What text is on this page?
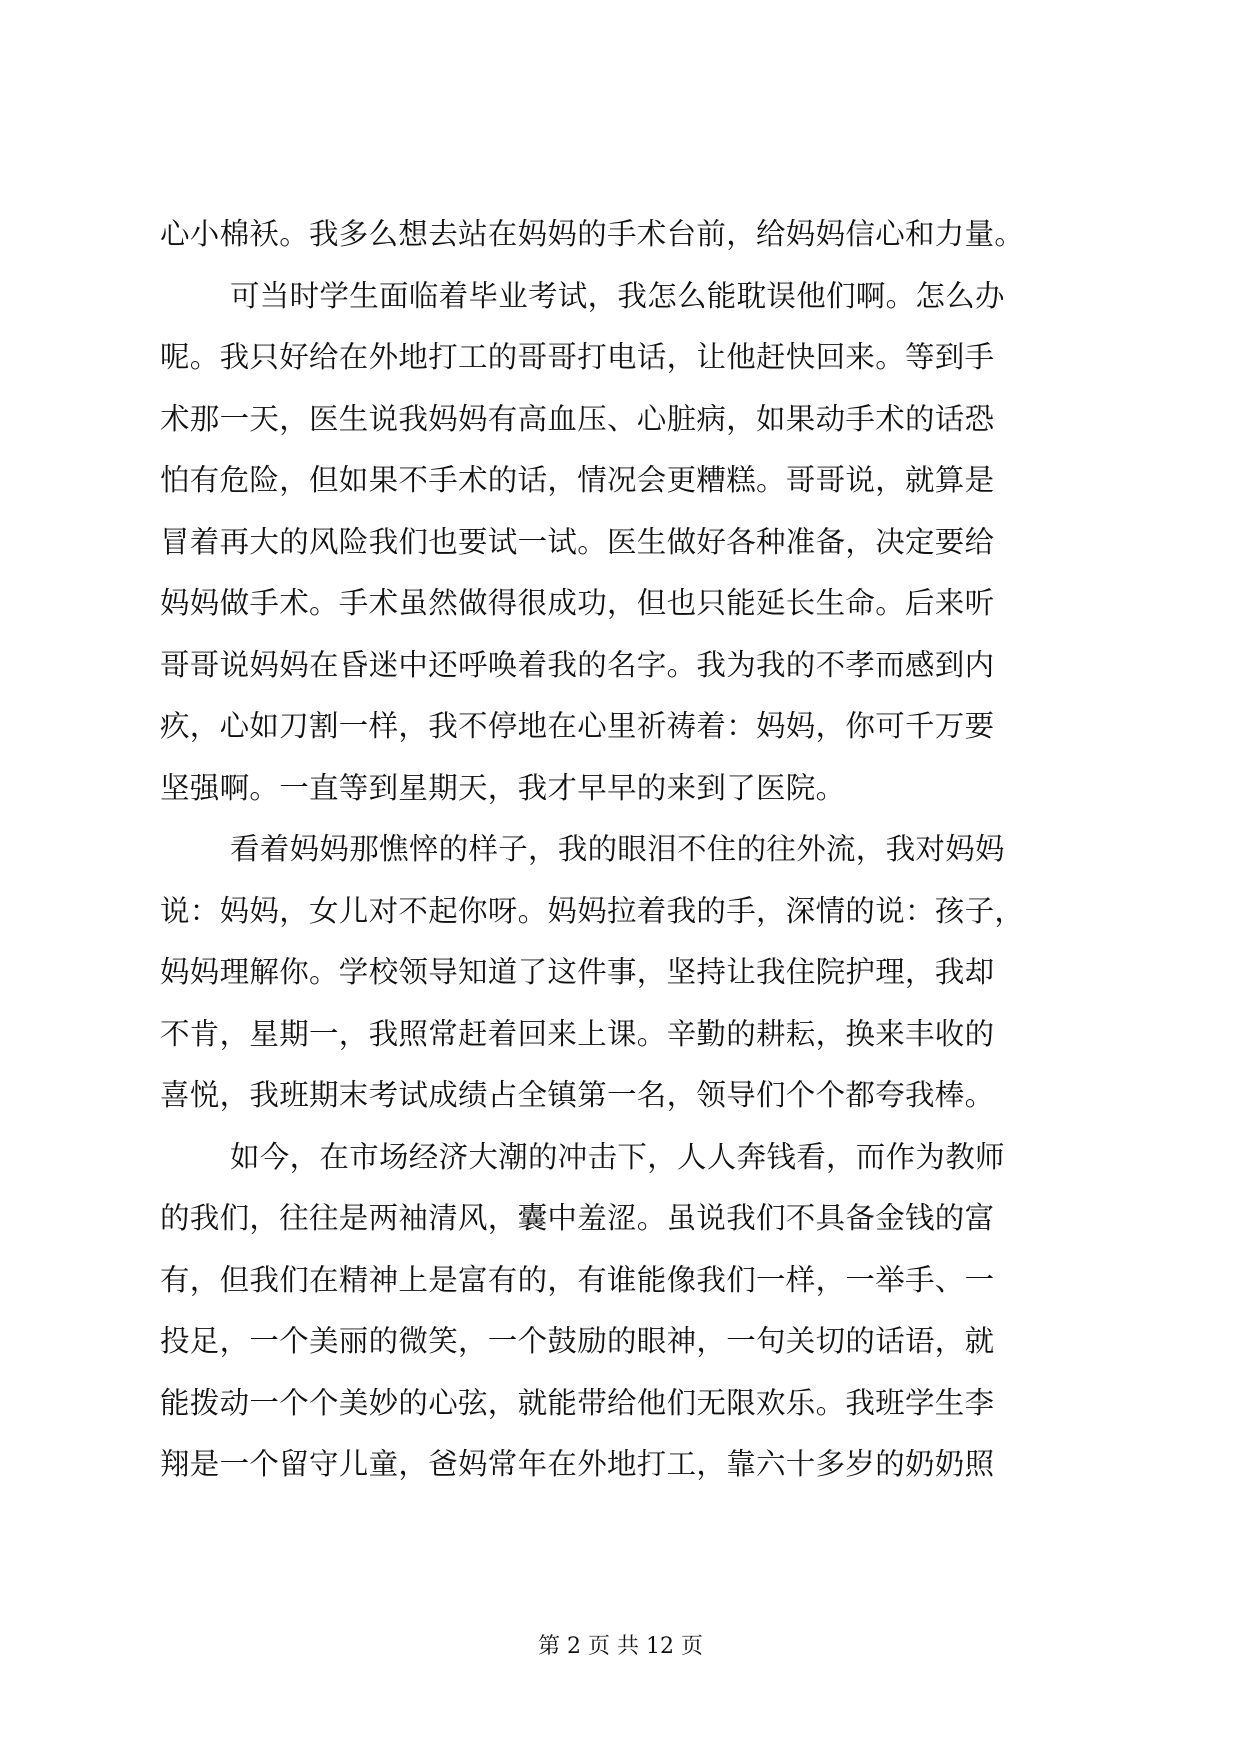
心小棉袄。我多么想去站在妈妈的手术台前，给妈妈信心和力量。
可当时学生面临着毕业考试，我怎么能耽误他们啊。怎么办
呢。我只好给在外地打工的哥哥打电话，让他赶快回来。等到手
术那一天，医生说我妈妈有高血压、心脏病，如果动手术的话恐
怕有危险，但如果不手术的话，情况会更糟糕。哥哥说，就算是
冒着再大的风险我们也要试一试。医生做好各种准备，决定要给
妈妈做手术。手术虽然做得很成功，但也只能延长生命。后来听
哥哥说妈妈在昏迷中还呼唤着我的名字。我为我的不孝而感到内
疚，心如刀割一样，我不停地在心里祈祷着：妈妈，你可千万要
坚强啊。一直等到星期天，我才早早的来到了医院。
看着妈妈那憔悴的样子，我的眼泪不住的往外流，我对妈妈
说：妈妈，女儿对不起你呀。妈妈拉着我的手，深情的说：孩子，
妈妈理解你。学校领导知道了这件事，坚持让我住院护理，我却
不肯，星期一，我照常赶着回来上课。辛勤的耕耘，换来丰收的
喜悦，我班期末考试成绩占全镇第一名，领导们个个都夸我棒。
如今，在市场经济大潮的冲击下，人人奔钱看，而作为教师
的我们，往往是两袖清风，囊中羞涩。虽说我们不具备金钱的富
有，但我们在精神上是富有的，有谁能像我们一样，一举手、一
投足，一个美丽的微笑，一个鼓励的眼神，一句关切的话语，就
能拨动一个个美妙的心弦，就能带给他们无限欢乐。我班学生李
翔是一个留守儿童，爸妈常年在外地打工，靠六十多岁的奶奶照
第 2 页 共 12 页
